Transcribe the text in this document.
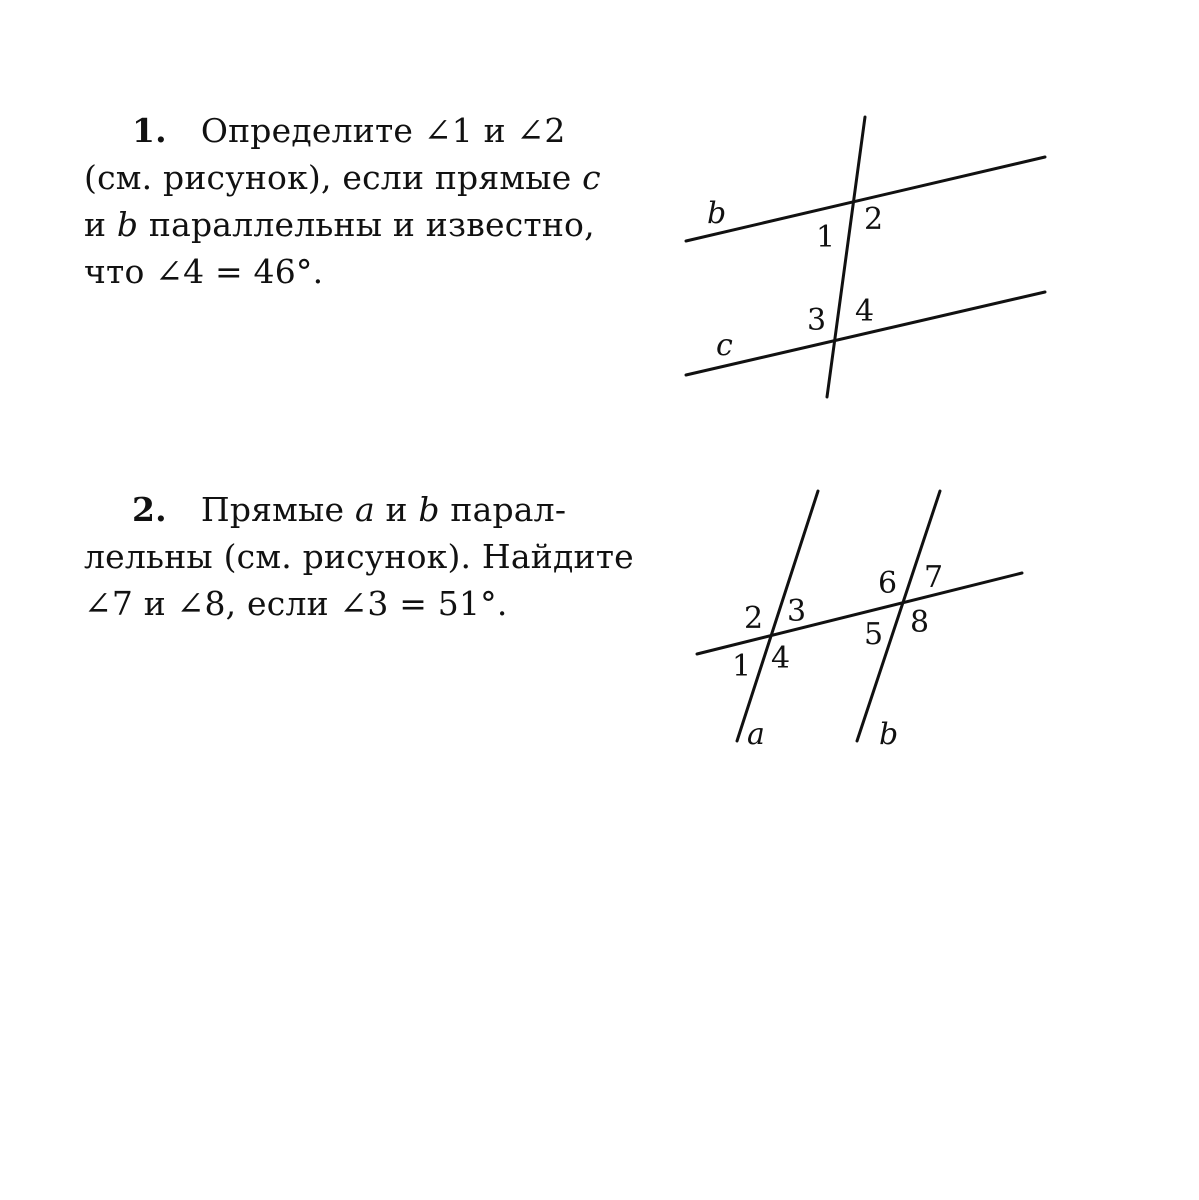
1. Определите ∠1 и ∠2
(см. рисунок), если прямые c
и b параллельны и известно,
что ∠4 = 46°.
b
c
1
2
3 4
2. Прямые a и b парал-
лельны (см. рисунок). Найдите
∠7 и ∠8, если ∠3 = 51°.
1
2 3
4
5
6 7
8
a	b
